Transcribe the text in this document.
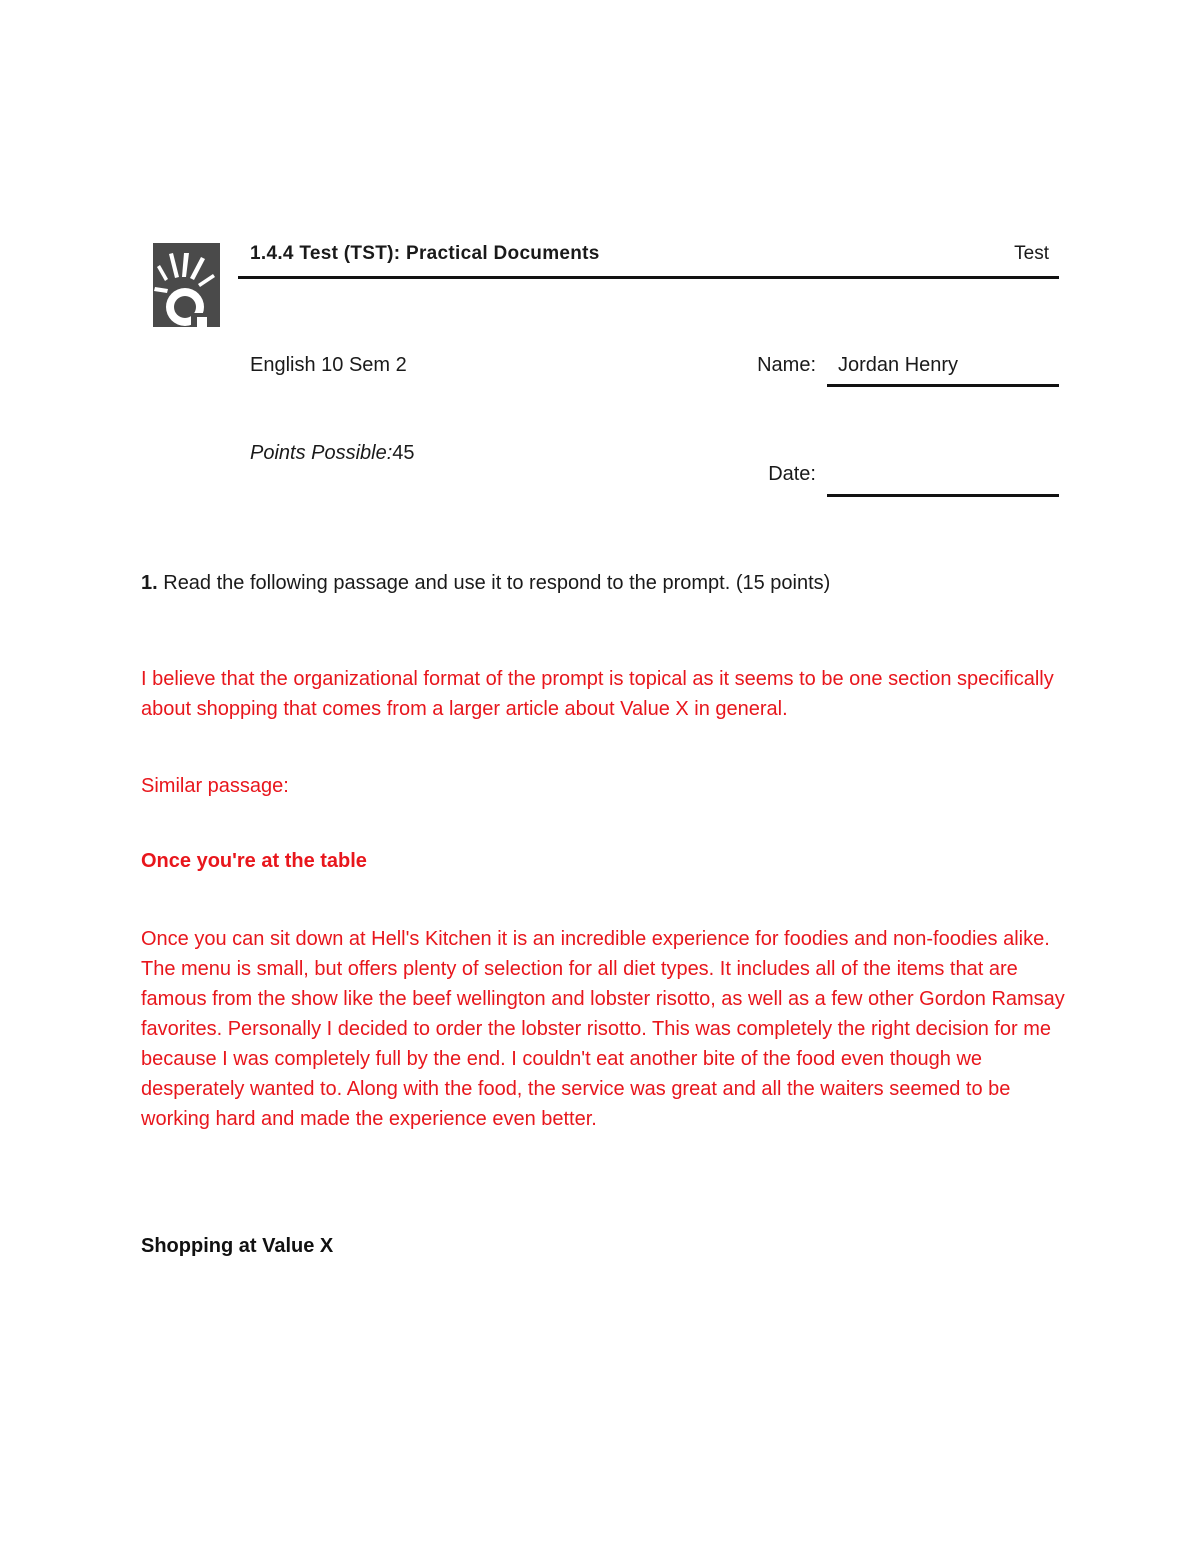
1.4.4 Test (TST): Practical Documents	Test
English 10 Sem 2	Name: Jordan Henry
Points Possible:45
Date:
1. Read the following passage and use it to respond to the prompt. (15 points)
I believe that the organizational format of the prompt is topical as it seems to be one section specifically about shopping that comes from a larger article about Value X in general.
Similar passage:
Once you're at the table
Once you can sit down at Hell's Kitchen it is an incredible experience for foodies and non-foodies alike. The menu is small, but offers plenty of selection for all diet types. It includes all of the items that are famous from the show like the beef wellington and lobster risotto, as well as a few other Gordon Ramsay favorites. Personally I decided to order the lobster risotto. This was completely the right decision for me because I was completely full by the end. I couldn't eat another bite of the food even though we desperately wanted to. Along with the food, the service was great and all the waiters seemed to be working hard and made the experience even better.
Shopping at Value X
